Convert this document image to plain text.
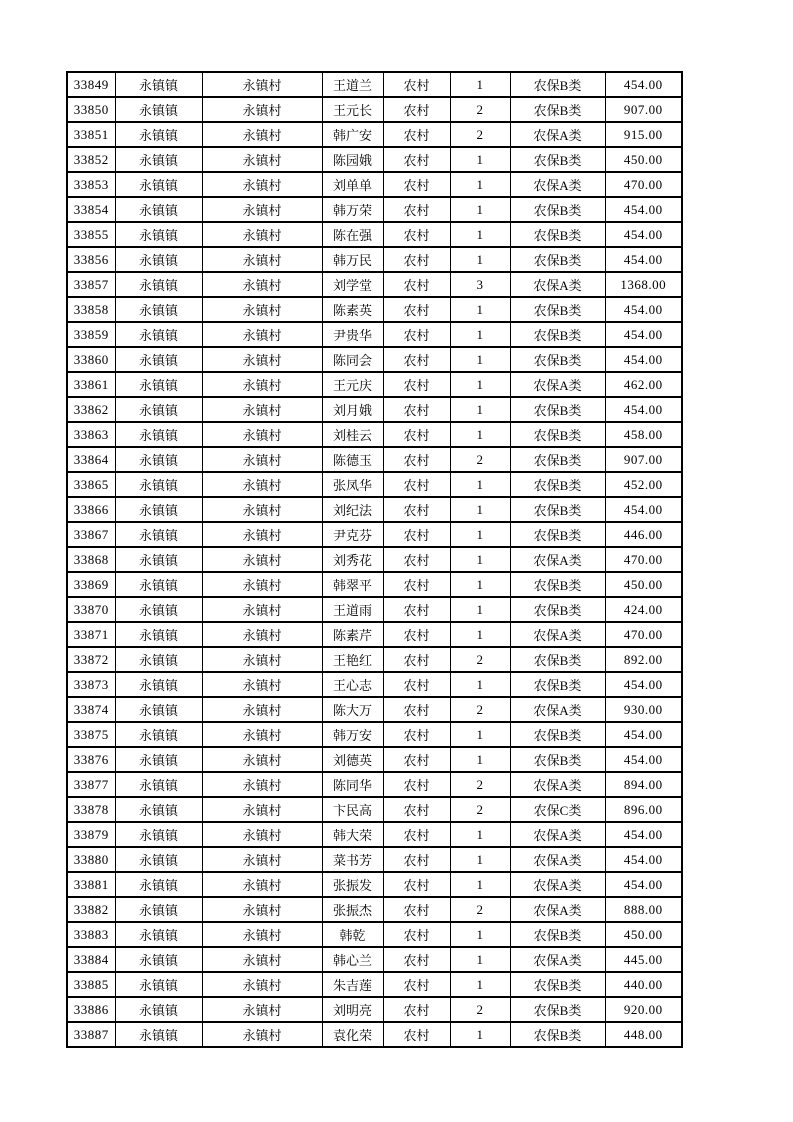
33849	永镇镇	永镇村	王道兰	农村	1	农保B类	454.00
33850	永镇镇	永镇村	王元长	农村	2	农保B类	907.00
33851	永镇镇	永镇村	韩广安	农村	2	农保A类	915.00
33852	永镇镇	永镇村	陈园娥	农村	1	农保B类	450.00
33853	永镇镇	永镇村	刘单单	农村	1	农保A类	470.00
33854	永镇镇	永镇村	韩万荣	农村	1	农保B类	454.00
33855	永镇镇	永镇村	陈在强	农村	1	农保B类	454.00
33856	永镇镇	永镇村	韩万民	农村	1	农保B类	454.00
33857	永镇镇	永镇村	刘学堂	农村	3	农保A类	1368.00
33858	永镇镇	永镇村	陈素英	农村	1	农保B类	454.00
33859	永镇镇	永镇村	尹贵华	农村	1	农保B类	454.00
33860	永镇镇	永镇村	陈同会	农村	1	农保B类	454.00
33861	永镇镇	永镇村	王元庆	农村	1	农保A类	462.00
33862	永镇镇	永镇村	刘月娥	农村	1	农保B类	454.00
33863	永镇镇	永镇村	刘桂云	农村	1	农保B类	458.00
33864	永镇镇	永镇村	陈德玉	农村	2	农保B类	907.00
33865	永镇镇	永镇村	张凤华	农村	1	农保B类	452.00
33866	永镇镇	永镇村	刘纪法	农村	1	农保B类	454.00
33867	永镇镇	永镇村	尹克芬	农村	1	农保B类	446.00
33868	永镇镇	永镇村	刘秀花	农村	1	农保A类	470.00
33869	永镇镇	永镇村	韩翠平	农村	1	农保B类	450.00
33870	永镇镇	永镇村	王道雨	农村	1	农保B类	424.00
33871	永镇镇	永镇村	陈素芹	农村	1	农保A类	470.00
33872	永镇镇	永镇村	王艳红	农村	2	农保B类	892.00
33873	永镇镇	永镇村	王心志	农村	1	农保B类	454.00
33874	永镇镇	永镇村	陈大万	农村	2	农保A类	930.00
33875	永镇镇	永镇村	韩万安	农村	1	农保B类	454.00
33876	永镇镇	永镇村	刘德英	农村	1	农保B类	454.00
33877	永镇镇	永镇村	陈同华	农村	2	农保A类	894.00
33878	永镇镇	永镇村	卞民高	农村	2	农保C类	896.00
33879	永镇镇	永镇村	韩大荣	农村	1	农保A类	454.00
33880	永镇镇	永镇村	菜书芳	农村	1	农保A类	454.00
33881	永镇镇	永镇村	张振发	农村	1	农保A类	454.00
33882	永镇镇	永镇村	张振杰	农村	2	农保A类	888.00
33883	永镇镇	永镇村	韩乾	农村	1	农保B类	450.00
33884	永镇镇	永镇村	韩心兰	农村	1	农保A类	445.00
33885	永镇镇	永镇村	朱吉莲	农村	1	农保B类	440.00
33886	永镇镇	永镇村	刘明亮	农村	2	农保B类	920.00
33887	永镇镇	永镇村	袁化荣	农村	1	农保B类	448.00
